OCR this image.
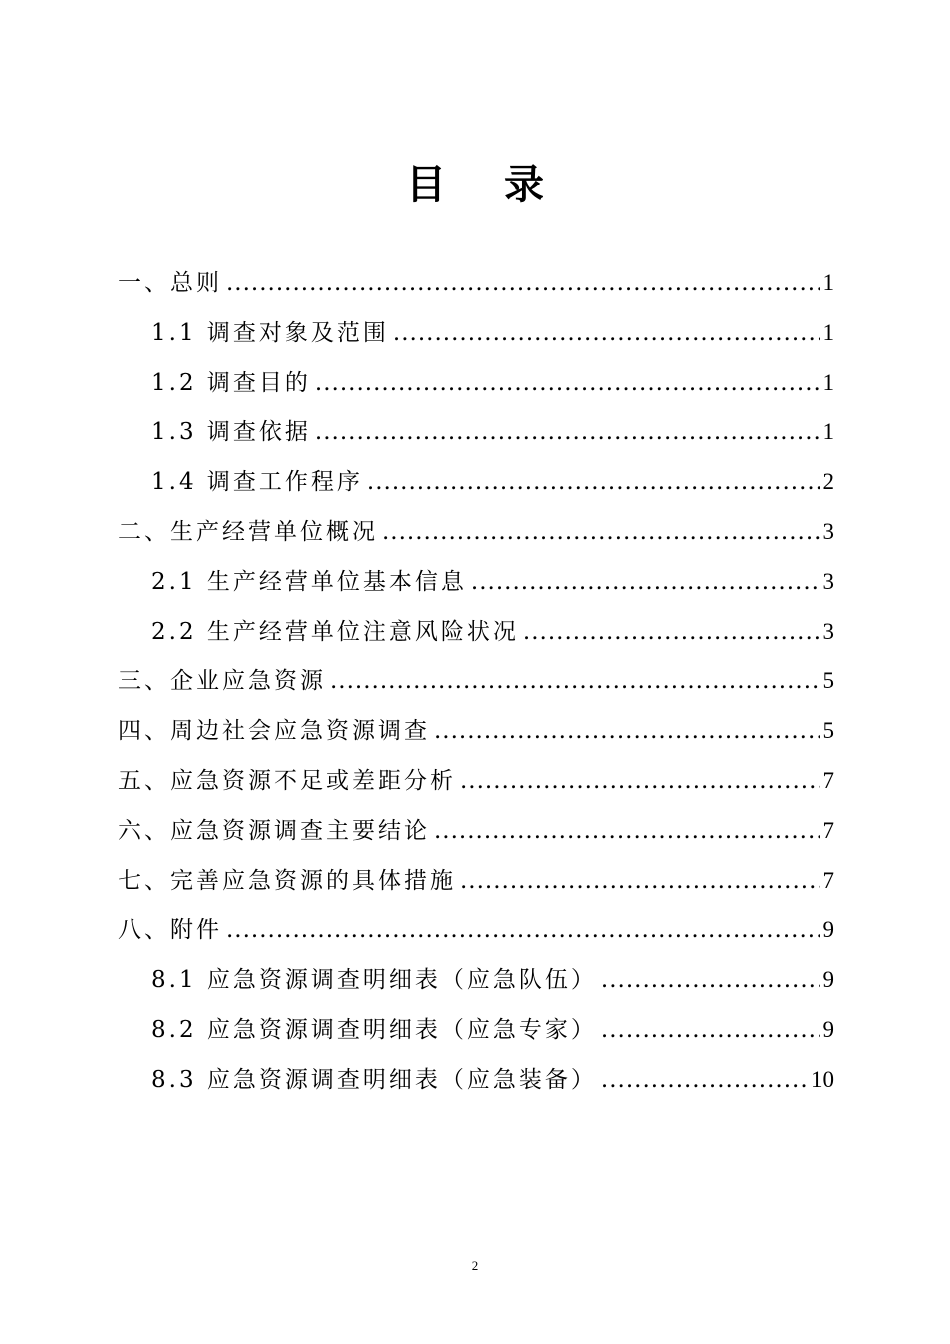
目录
一、总则 .....	1
1.1 调查对象及范围 .....	1
1.2 调查目的 .....	1
1.3 调查依据 .....	1
1.4 调查工作程序 .....	2
二、生产经营单位概况 .....	3
2.1 生产经营单位基本信息 .....	3
2.2 生产经营单位注意风险状况 .....	3
三、企业应急资源 .....	5
四、周边社会应急资源调查 .....	5
五、应急资源不足或差距分析 .....	7
六、应急资源调查主要结论 .....	7
七、完善应急资源的具体措施 .....	7
八、附件 .....	9
8.1 应急资源调查明细表（应急队伍） .....	9
8.2 应急资源调查明细表（应急专家） .....	9
8.3 应急资源调查明细表（应急装备） .....	10
2
